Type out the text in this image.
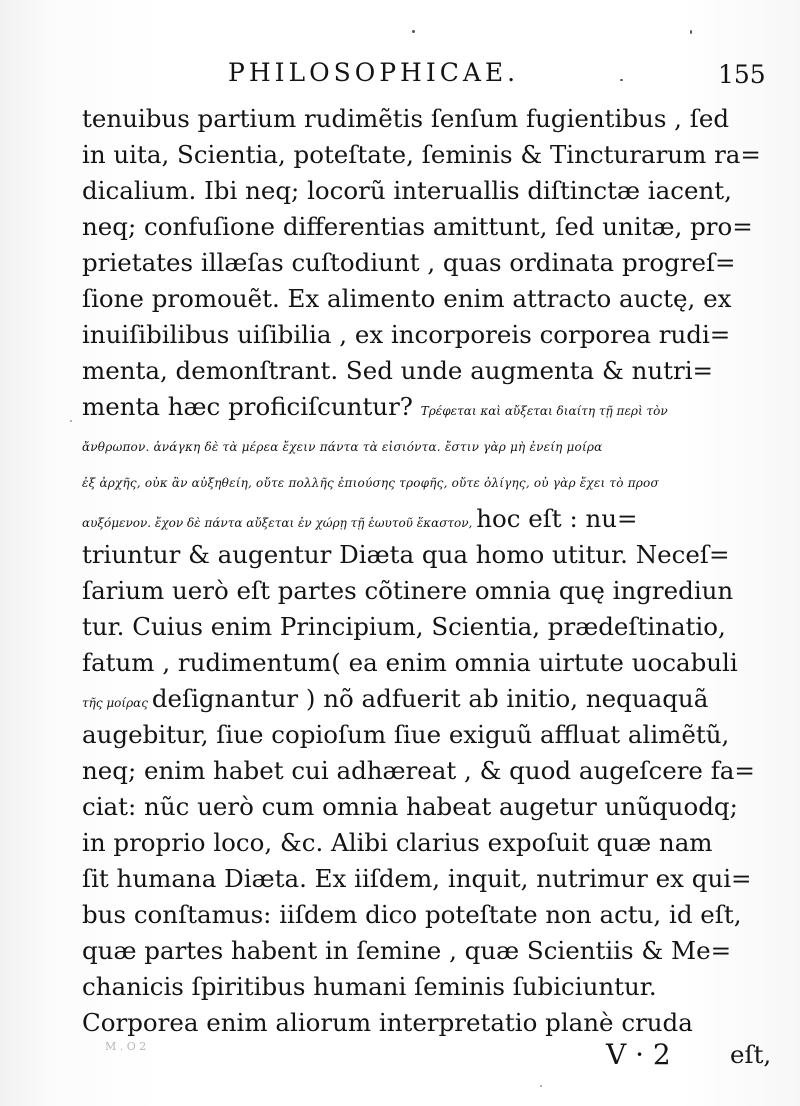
PHILOSOPHICAE.	155
tenuibus partium rudimẽtis ſenſum fugientibus , ſed
in uita, Scientia, poteſtate, ſeminis & Tincturarum ra=
dicalium. Ibi neq; locorũ interuallis diſtinctæ iacent,
neq; confuſione differentias amittunt, ſed unitæ, pro=
prietates illæſas cuſtodiunt , quas ordinata progreſ=
ſione promouẽt. Ex alimento enim attracto auctę, ex
inuiſibilibus uiſibilia , ex incorporeis corporea rudi=
menta, demonſtrant. Sed unde augmenta & nutri=
menta hæc proficiſcuntur? Τρέφεται καὶ αὔξεται διαίτη τῇ περὶ τὸν
ἄνθρωπον. ἀνάγκη δὲ τὰ μέρεα ἔχειν πάντα τὰ εἰσιόντα. ἔστιν γὰρ μὴ ἐνείη μοίρα
ἐξ ἀρχῆς, οὐκ ἂν αὐξηθείη, οὔτε πολλῆς ἐπιούσης τροφῆς, οὔτε ὀλίγης, οὐ γὰρ ἔχει τὸ προσ
αυξόμενον. ἔχον δὲ πάντα αὔξεται ἐν χώρῃ τῇ ἑωυτοῦ ἕκαστον, hoc eſt : nu=
triuntur & augentur Diæta qua homo utitur. Neceſ=
ſarium uerò eſt partes cõtinere omnia quę ingrediun
tur. Cuius enim Principium, Scientia, prædeſtinatio,
fatum , rudimentum( ea enim omnia uirtute uocabuli
τῆς μοίρας deſignantur ) nõ adfuerit ab initio, nequaquã
augebitur, ſiue copioſum ſiue exiguũ affluat alimẽtũ,
neq; enim habet cui adhæreat , & quod augeſcere fa=
ciat: nũc uerò cum omnia habeat augetur unũquodq;
in proprio loco, &c. Alibi clarius expoſuit quæ nam
ſit humana Diæta. Ex iiſdem, inquit, nutrimur ex qui=
bus conſtamus: iiſdem dico poteſtate non actu, id eſt,
quæ partes habent in ſemine , quæ Scientiis & Me=
chanicis ſpiritibus humani ſeminis ſubiciuntur.
Corporea enim aliorum interpretatio planè cruda
M . O 2	V · 2 eſt,
